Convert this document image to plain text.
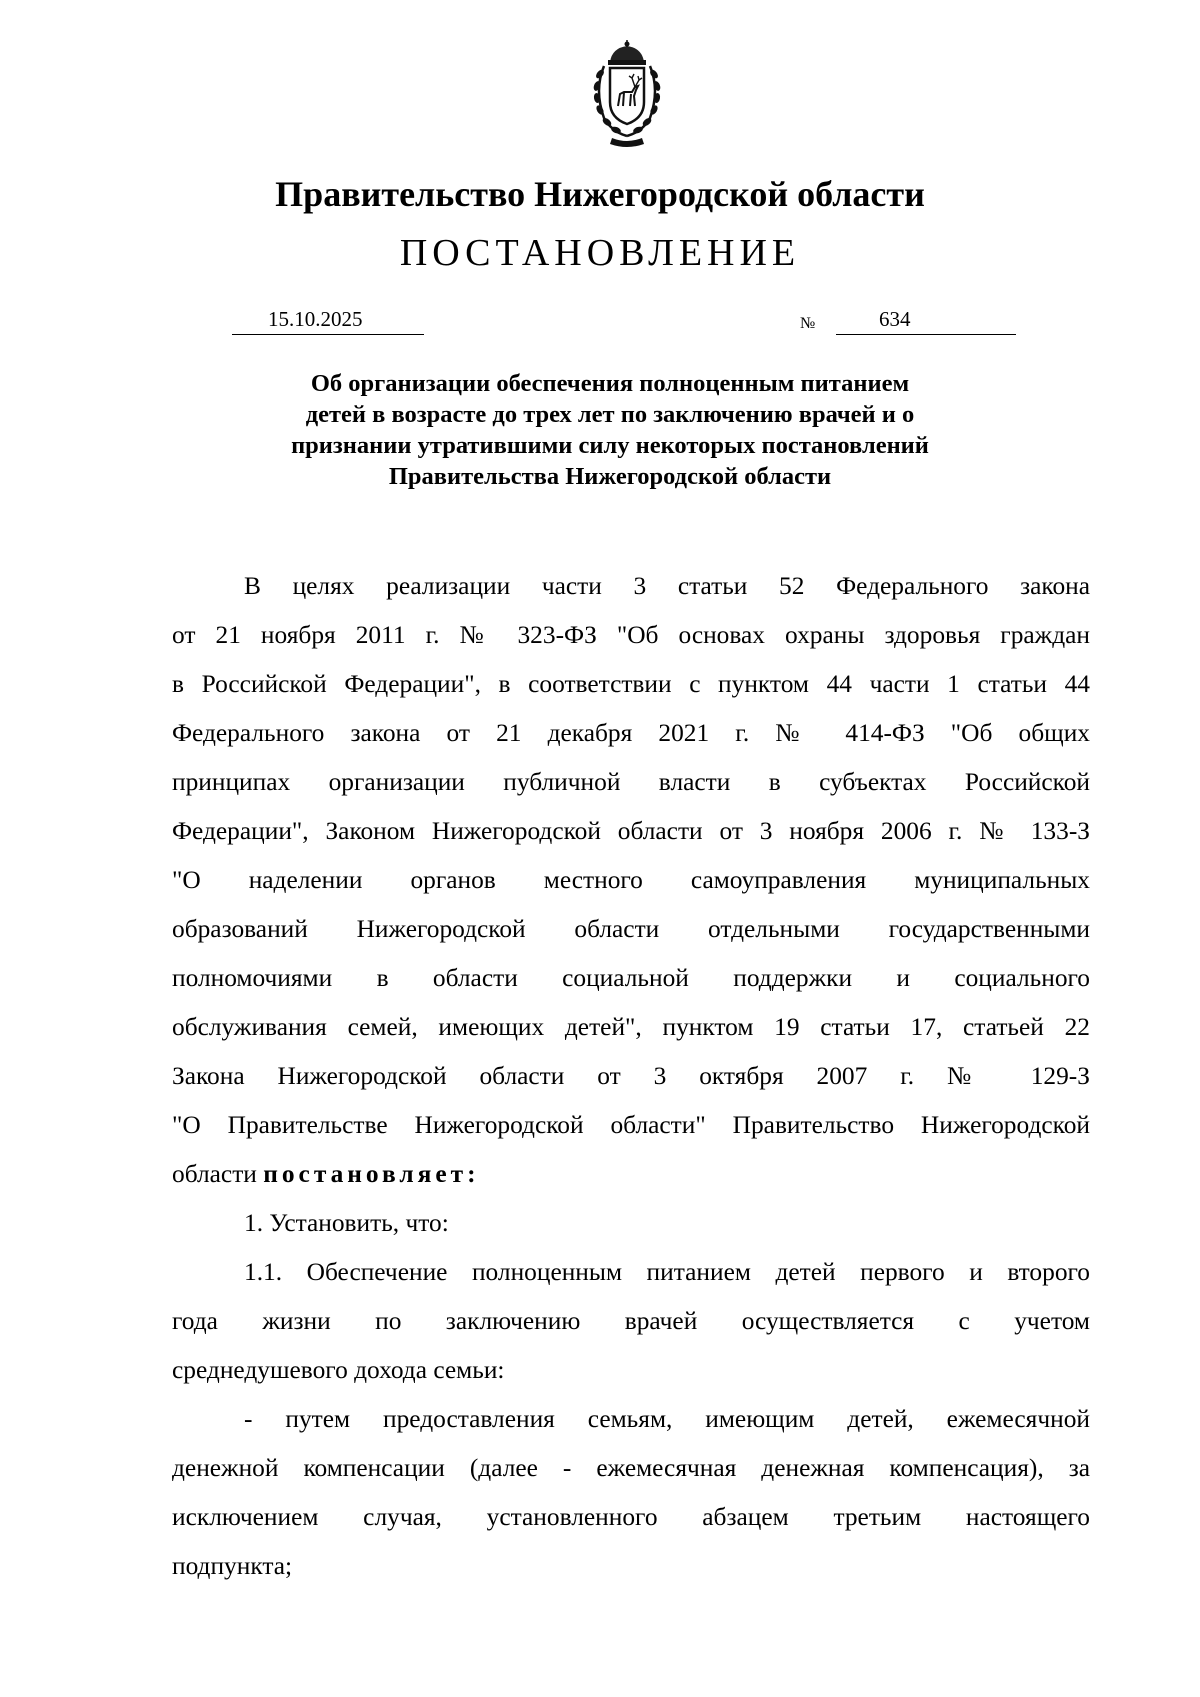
Правительство Нижегородской области
ПОСТАНОВЛЕНИЕ
15.10.2025	№	634
Об организации обеспечения полноценным питанием
детей в возрасте до трех лет по заключению врачей и о
признании утратившими силу некоторых постановлений
Правительства Нижегородской области
В целях реализации части 3 статьи 52 Федерального закона
от 21 ноября 2011 г. № 323-ФЗ "Об основах охраны здоровья граждан
в Российской Федерации", в соответствии с пунктом 44 части 1 статьи 44
Федерального закона от 21 декабря 2021 г. № 414-ФЗ "Об общих
принципах организации публичной власти в субъектах Российской
Федерации", Законом Нижегородской области от 3 ноября 2006 г. № 133-З
"О наделении органов местного самоуправления муниципальных
образований Нижегородской области отдельными государственными
полномочиями в области социальной поддержки и социального
обслуживания семей, имеющих детей", пунктом 19 статьи 17, статьей 22
Закона Нижегородской области от 3 октября 2007 г. № 129-З
"О Правительстве Нижегородской области" Правительство Нижегородской
области постановляет:
1. Установить, что:
1.1. Обеспечение полноценным питанием детей первого и второго
года жизни по заключению врачей осуществляется с учетом
среднедушевого дохода семьи:
- путем предоставления семьям, имеющим детей, ежемесячной
денежной компенсации (далее - ежемесячная денежная компенсация), за
исключением случая, установленного абзацем третьим настоящего
подпункта;
